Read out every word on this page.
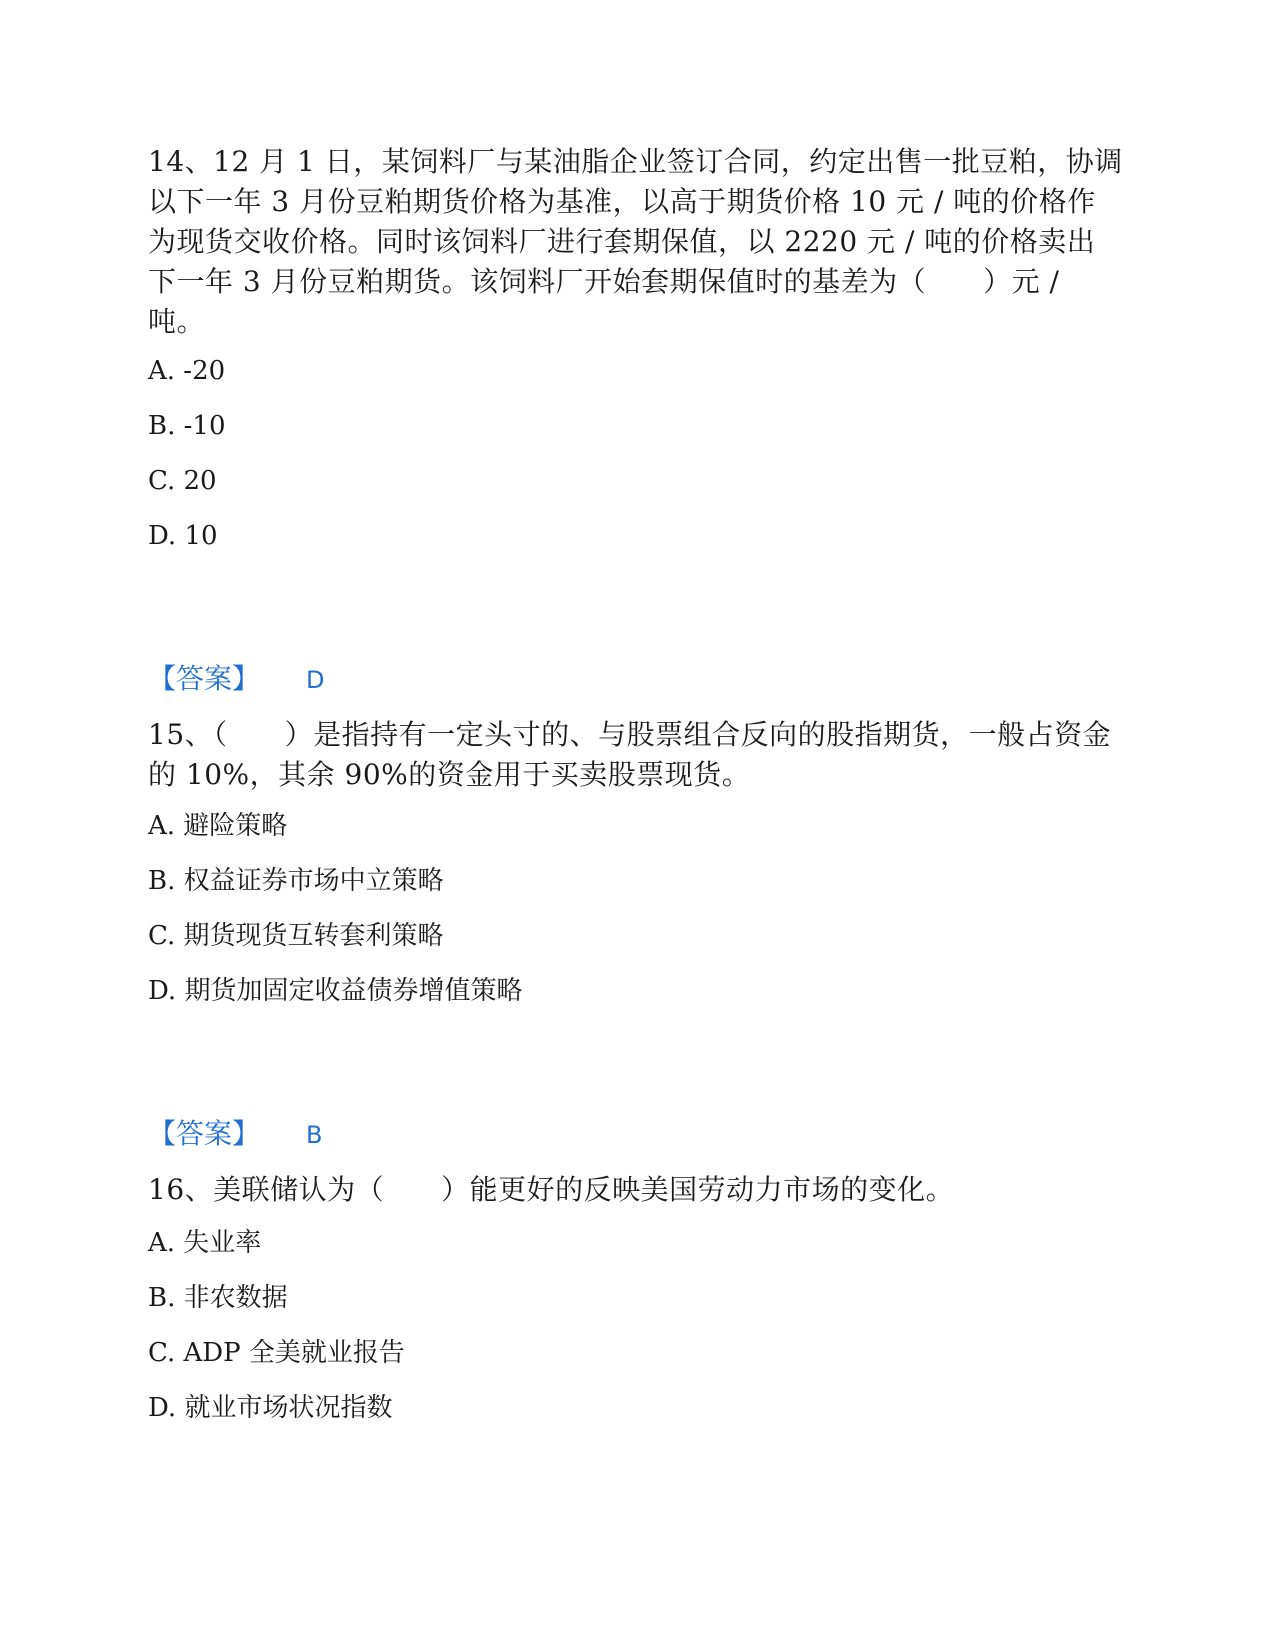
14、12 月 1 日，某饲料厂与某油脂企业签订合同，约定出售一批豆粕，协调以下一年 3 月份豆粕期货价格为基准，以高于期货价格 10 元 / 吨的价格作为现货交收价格。同时该饲料厂进行套期保值，以 2220 元 / 吨的价格卖出下一年 3 月份豆粕期货。该饲料厂开始套期保值时的基差为（　　）元 / 吨。

A. -20

B. -10

C. 20

D. 10

【答案】 D

15、（　　）是指持有一定头寸的、与股票组合反向的股指期货，一般占资金的 10%，其余 90%的资金用于买卖股票现货。

A. 避险策略

B. 权益证券市场中立策略

C. 期货现货互转套利策略

D. 期货加固定收益债券增值策略

【答案】 B

16、美联储认为（　　）能更好的反映美国劳动力市场的变化。

A. 失业率

B. 非农数据

C. ADP 全美就业报告

D. 就业市场状况指数
